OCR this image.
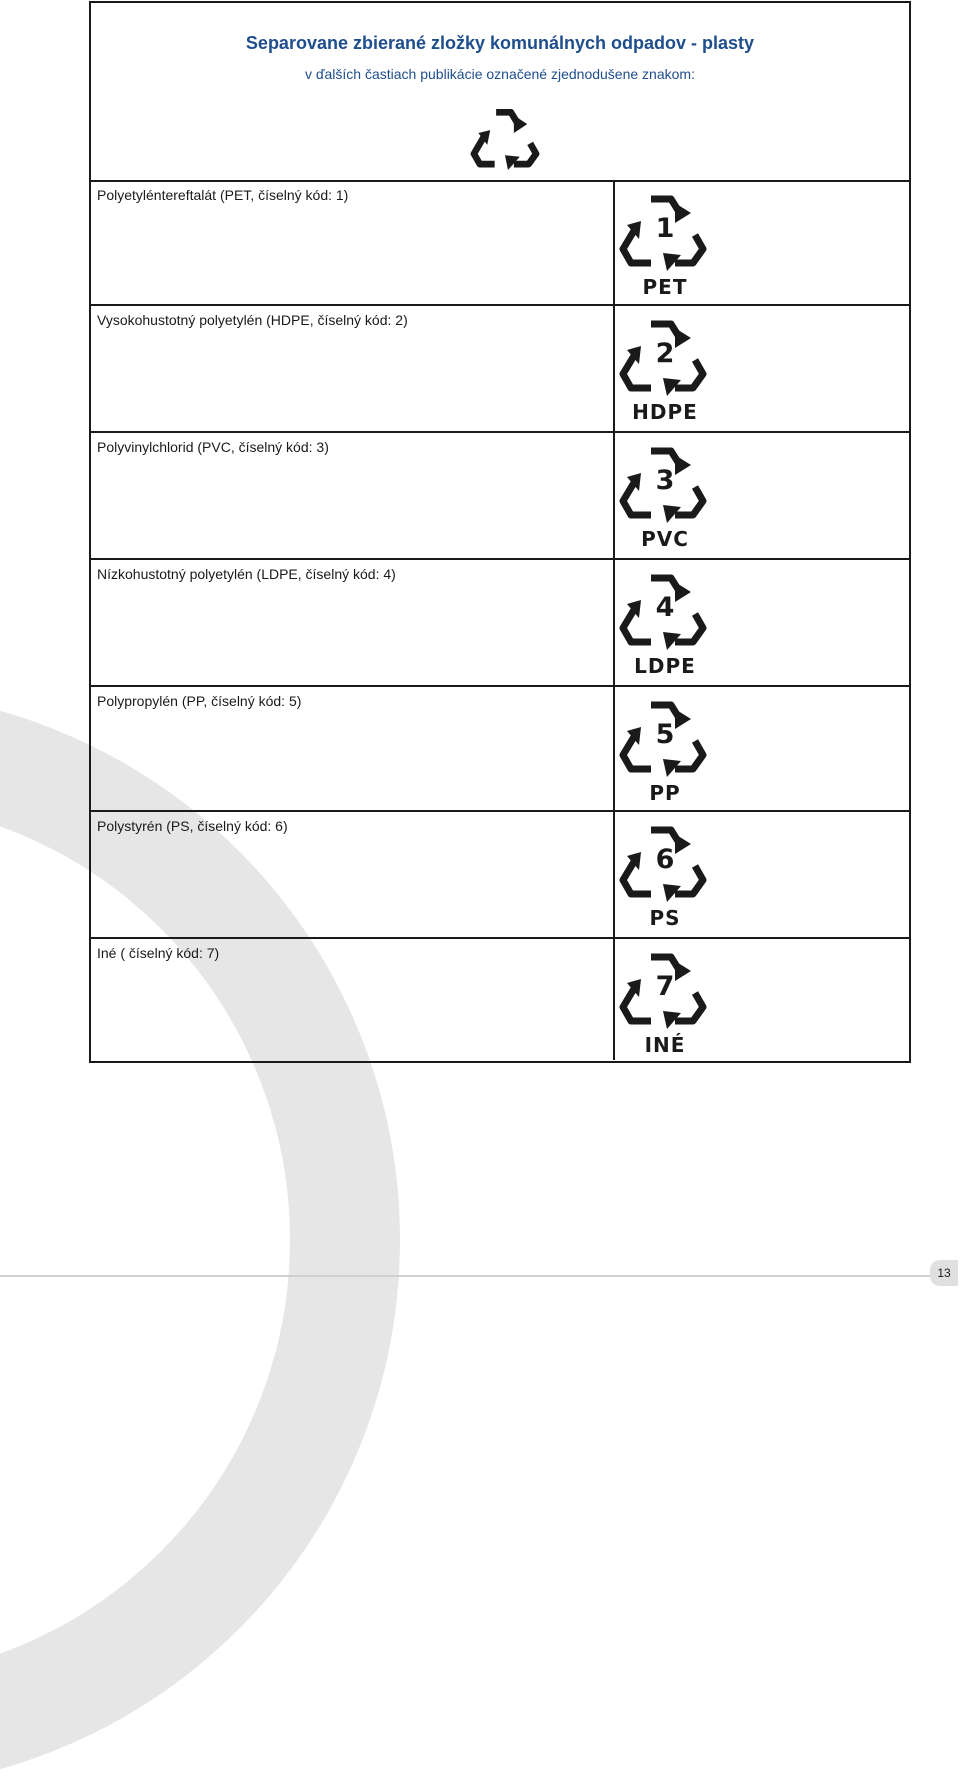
Separovane zbierané zložky komunálnych odpadov - plasty
v ďalších častiach publikácie označené zjednodušene znakom:
Polyetyléntereftalát (PET, číselný kód: 1)
1
PET
Vysokohustotný polyetylén (HDPE, číselný kód: 2)
2
HDPE
Polyvinylchlorid (PVC, číselný kód: 3)
3
PVC
Nízkohustotný polyetylén (LDPE, číselný kód: 4)
4
LDPE
Polypropylén (PP, číselný kód: 5)
5
PP
Polystyrén (PS, číselný kód: 6)
6
PS
Iné ( číselný kód: 7)
7
INÉ
13
